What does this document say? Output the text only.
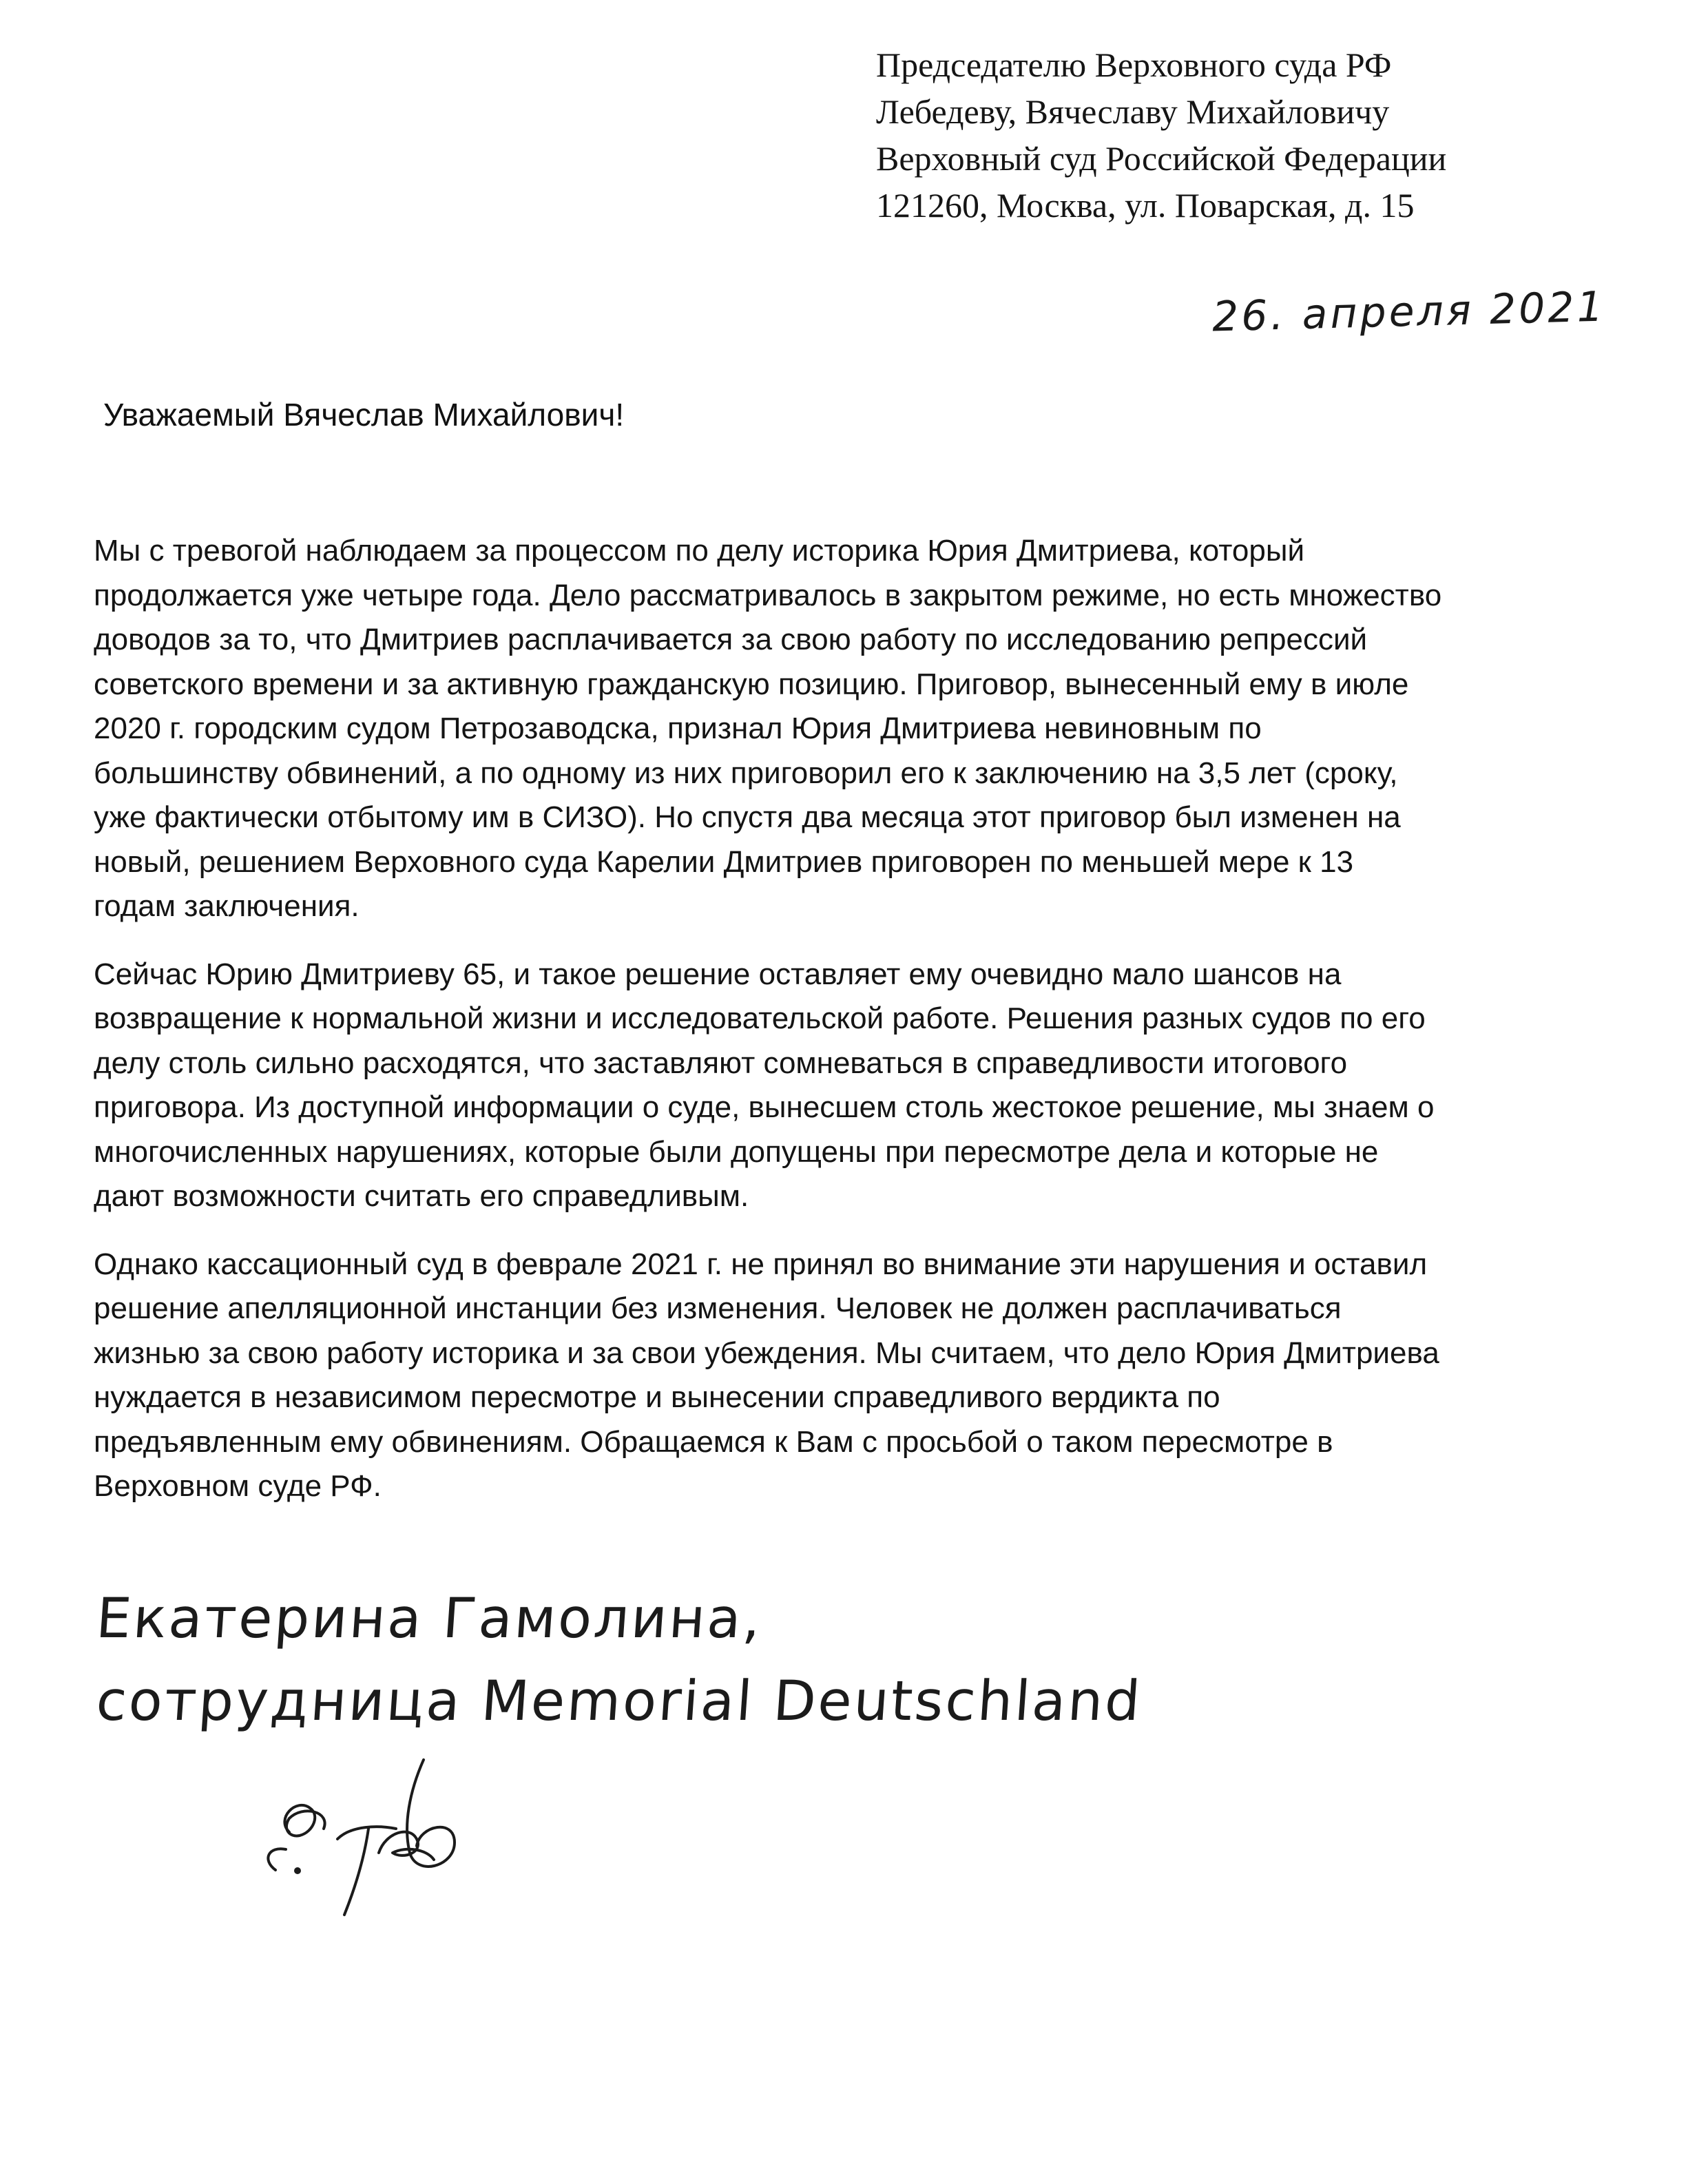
Председателю Верховного суда РФ
Лебедеву, Вячеславу Михайловичу
Верховный суд Российской Федерации
121260, Москва, ул. Поварская, д. 15
26. апреля 2021
Уважаемый Вячеслав Михайлович!
Мы с тревогой наблюдаем за процессом по делу историка Юрия Дмитриева, который
продолжается уже четыре года. Дело рассматривалось в закрытом режиме, но есть множество
доводов за то, что Дмитриев расплачивается за свою работу по исследованию репрессий
советского времени и за активную гражданскую позицию. Приговор, вынесенный ему в июле
2020 г. городским судом Петрозаводска, признал Юрия Дмитриева невиновным по
большинству обвинений, а по одному из них приговорил его к заключению на 3,5 лет (сроку,
уже фактически отбытому им в СИЗО). Но спустя два месяца этот приговор был изменен на
новый, решением Верховного суда Карелии Дмитриев приговорен по меньшей мере к 13
годам заключения.
Сейчас Юрию Дмитриеву 65, и такое решение оставляет ему очевидно мало шансов на
возвращение к нормальной жизни и исследовательской работе. Решения разных судов по его
делу столь сильно расходятся, что заставляют сомневаться в справедливости итогового
приговора. Из доступной информации о суде, вынесшем столь жестокое решение, мы знаем о
многочисленных нарушениях, которые были допущены при пересмотре дела и которые не
дают возможности считать его справедливым.
Однако кассационный суд в феврале 2021 г. не принял во внимание эти нарушения и оставил
решение апелляционной инстанции без изменения. Человек не должен расплачиваться
жизнью за свою работу историка и за свои убеждения. Мы считаем, что дело Юрия Дмитриева
нуждается в независимом пересмотре и вынесении справедливого вердикта по
предъявленным ему обвинениям. Обращаемся к Вам с просьбой о таком пересмотре в
Верховном суде РФ.
Екатерина Гамолина,
сотрудница Memorial Deutschland
